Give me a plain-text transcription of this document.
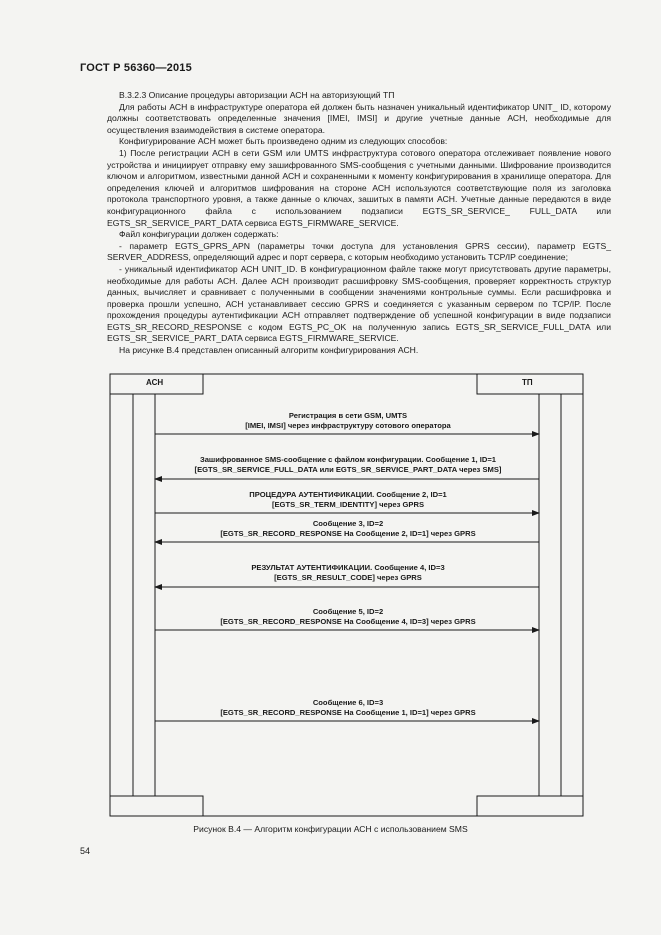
ГОСТ Р 56360—2015

В.3.2.3 Описание процедуры авторизации АСН на авторизующий ТП

Для работы АСН в инфраструктуре оператора ей должен быть назначен уникальный идентификатор UNIT_ ID, которому должны соответствовать определенные значения [IMEI, IMSI] и другие учетные данные АСН, необходимые для осуществления взаимодействия в системе оператора.

Конфигурирование АСН может быть произведено одним из следующих способов:

1) После регистрации АСН в сети GSM или UMTS инфраструктура сотового оператора отслеживает появление нового устройства и инициирует отправку ему зашифрованного SMS-сообщения с учетными данными. Шифрование производится ключом и алгоритмом, известными данной АСН и сохраненными к моменту конфигурирования в хранилище оператора. Для определения ключей и алгоритмов шифрования на стороне АСН используются соответствующие поля из заголовка протокола транспортного уровня, а также данные о ключах, зашитых в памяти АСН. Учетные данные передаются в виде конфигурационного файла с использованием подзаписи EGTS_SR_SERVICE_ FULL_DATA или EGTS_SR_SERVICE_PART_DATA сервиса EGTS_FIRMWARE_SERVICE.

Файл конфигурации должен содержать:

- параметр EGTS_GPRS_APN (параметры точки доступа для установления GPRS сессии), параметр EGTS_ SERVER_ADDRESS, определяющий адрес и порт сервера, с которым необходимо установить TCP/IP соединение;

- уникальный идентификатор АСН UNIT_ID. В конфигурационном файле также могут присутствовать другие параметры, необходимые для работы АСН. Далее АСН производит расшифровку SMS-сообщения, проверяет корректность структур данных, вычисляет и сравнивает с полученными в сообщении значениями контрольные суммы. Если расшифровка и проверка прошли успешно, АСН устанавливает сессию GPRS и соединяется с указанным сервером по TCP/IP. После прохождения процедуры аутентификации АСН отправляет подтверждение об успешной конфигурации в виде подзаписи EGTS_SR_RECORD_RESPONSE с кодом EGTS_PC_OK на полученную запись EGTS_SR_SERVICE_FULL_DATA или EGTS_SR_SERVICE_PART_DATA сервиса EGTS_FIRMWARE_SERVICE.

На рисунке В.4 представлен описанный алгоритм конфигурирования АСН.

АСН	ТП
Регистрация в сети GSM, UMTS
[IMEI, IMSI] через инфраструктуру сотового оператора
Зашифрованное SMS-сообщение с файлом конфигурации. Сообщение 1, ID=1
[EGTS_SR_SERVICE_FULL_DATA или EGTS_SR_SERVICE_PART_DATA через SMS]
ПРОЦЕДУРА АУТЕНТИФИКАЦИИ. Сообщение 2, ID=1
[EGTS_SR_TERM_IDENTITY] через GPRS
Сообщение 3, ID=2
[EGTS_SR_RECORD_RESPONSE На Сообщение 2, ID=1] через GPRS
РЕЗУЛЬТАТ АУТЕНТИФИКАЦИИ. Сообщение 4, ID=3
[EGTS_SR_RESULT_CODE] через GPRS
Сообщение 5, ID=2
[EGTS_SR_RECORD_RESPONSE На Сообщение 4, ID=3] через GPRS
Сообщение 6, ID=3
[EGTS_SR_RECORD_RESPONSE На Сообщение 1, ID=1] через GPRS
Рисунок В.4 — Алгоритм конфигурации АСН с использованием SMS
54
